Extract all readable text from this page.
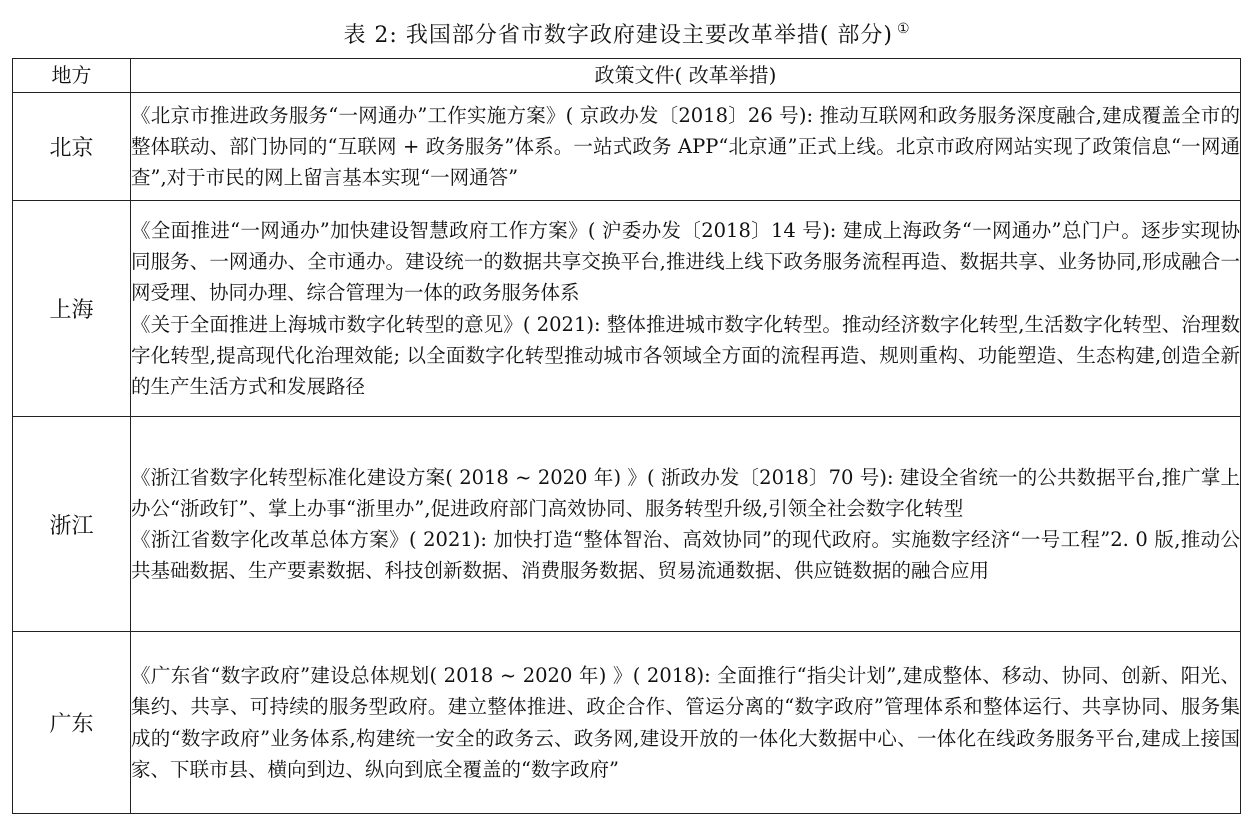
表 2: 我国部分省市数字政府建设主要改革举措( 部分) ①
地方	政策文件( 改革举措)
北京	《北京市推进政务服务“一网通办”工作实施方案》( 京政办发〔2018〕26 号): 推动互联网和政务服务深度融合,建成覆盖全市的整体联动、部门协同的“互联网 + 政务服务”体系。一站式政务 APP“北京通”正式上线。北京市政府网站实现了政策信息“一网通查”,对于市民的网上留言基本实现“一网通答”

上海	《全面推进“一网通办”加快建设智慧政府工作方案》( 沪委办发〔2018〕14 号): 建成上海政务“一网通办”总门户。逐步实现协同服务、一网通办、全市通办。建设统一的数据共享交换平台,推进线上线下政务服务流程再造、数据共享、业务协同,形成融合一网受理、协同办理、综合管理为一体的政务服务体系

《关于全面推进上海城市数字化转型的意见》( 2021): 整体推进城市数字化转型。推动经济数字化转型,生活数字化转型、治理数字化转型,提高现代化治理效能; 以全面数字化转型推动城市各领域全方面的流程再造、规则重构、功能塑造、生态构建,创造全新的生产生活方式和发展路径

浙江	《浙江省数字化转型标准化建设方案( 2018 ~ 2020 年) 》( 浙政办发〔2018〕70 号): 建设全省统一的公共数据平台,推广掌上办公“浙政钉”、掌上办事“浙里办”,促进政府部门高效协同、服务转型升级,引领全社会数字化转型

《浙江省数字化改革总体方案》( 2021): 加快打造“整体智治、高效协同”的现代政府。实施数字经济“一号工程”2. 0 版,推动公共基础数据、生产要素数据、科技创新数据、消费服务数据、贸易流通数据、供应链数据的融合应用

广东	《广东省“数字政府”建设总体规划( 2018 ~ 2020 年) 》( 2018): 全面推行“指尖计划”,建成整体、移动、协同、创新、阳光、集约、共享、可持续的服务型政府。建立整体推进、政企合作、管运分离的“数字政府”管理体系和整体运行、共享协同、服务集成的“数字政府”业务体系,构建统一安全的政务云、政务网,建设开放的一体化大数据中心、一体化在线政务服务平台,建成上接国家、下联市县、横向到边、纵向到底全覆盖的“数字政府”
